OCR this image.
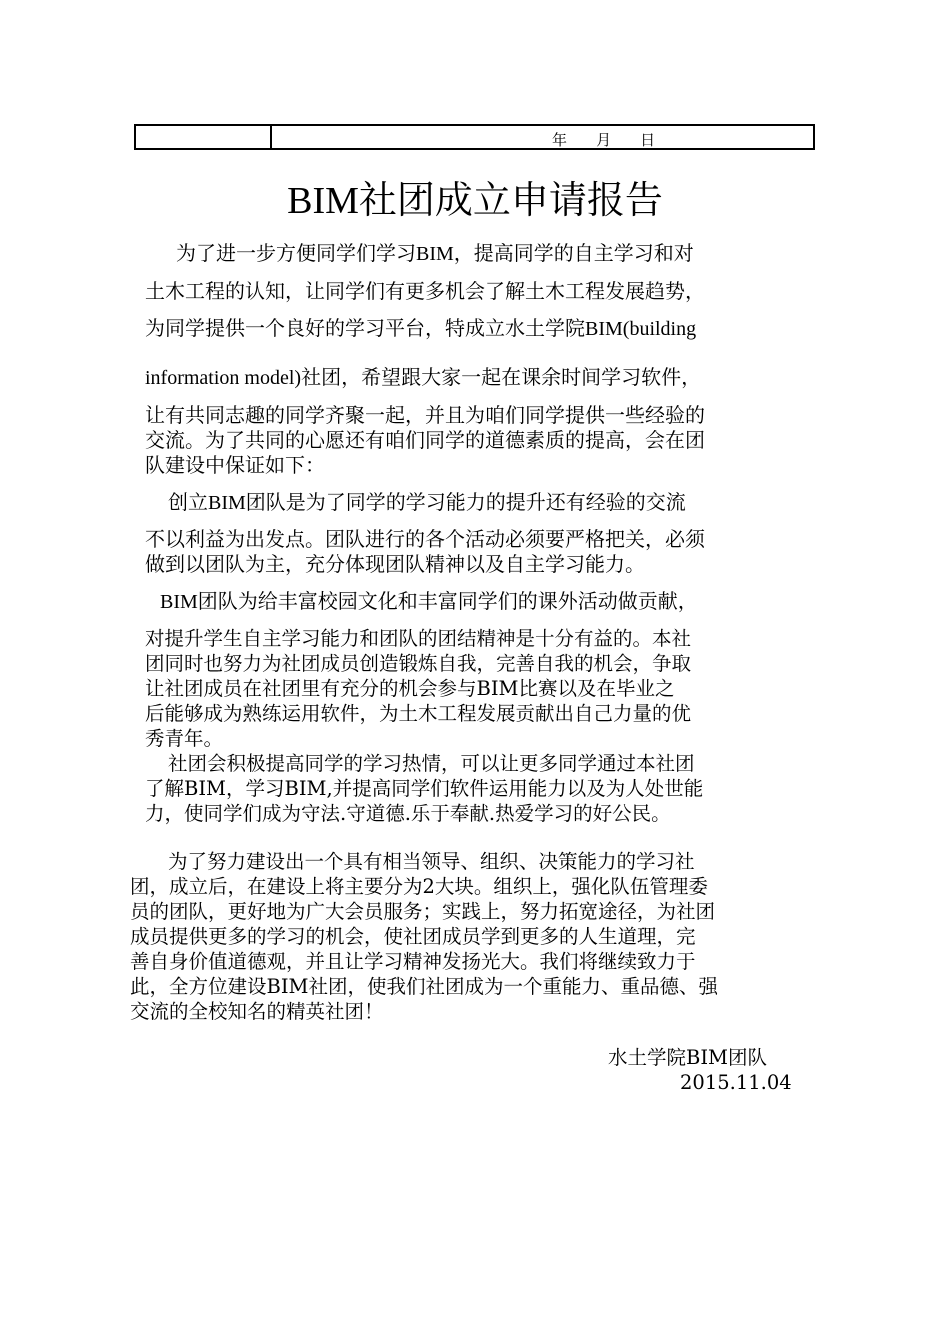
年    月    日
BIM社团成立申请报告
为了进一步方便同学们学习BIM，提高同学的自主学习和对
土木工程的认知，让同学们有更多机会了解土木工程发展趋势，
为同学提供一个良好的学习平台，特成立水土学院BIM(building
information model)社团，希望跟大家一起在课余时间学习软件，
让有共同志趣的同学齐聚一起，并且为咱们同学提供一些经验的
交流。为了共同的心愿还有咱们同学的道德素质的提高，会在团
队建设中保证如下：
创立BIM团队是为了同学的学习能力的提升还有经验的交流
不以利益为出发点。团队进行的各个活动必须要严格把关，必须
做到以团队为主，充分体现团队精神以及自主学习能力。
BIM团队为给丰富校园文化和丰富同学们的课外活动做贡献，
对提升学生自主学习能力和团队的团结精神是十分有益的。本社
团同时也努力为社团成员创造锻炼自我，完善自我的机会，争取
让社团成员在社团里有充分的机会参与BIM比赛以及在毕业之
后能够成为熟练运用软件，为土木工程发展贡献出自己力量的优
秀青年。
社团会积极提高同学的学习热情，可以让更多同学通过本社团
了解BIM，学习BIM,并提高同学们软件运用能力以及为人处世能
力，使同学们成为守法.守道德.乐于奉献.热爱学习的好公民。
为了努力建设出一个具有相当领导、组织、决策能力的学习社
团，成立后，在建设上将主要分为2大块。组织上，强化队伍管理委
员的团队，更好地为广大会员服务；实践上，努力拓宽途径，为社团
成员提供更多的学习的机会，使社团成员学到更多的人生道理，完
善自身价值道德观，并且让学习精神发扬光大。我们将继续致力于
此，全方位建设BIM社团，使我们社团成为一个重能力、重品德、强
交流的全校知名的精英社团！
水土学院BIM团队
2015.11.04
